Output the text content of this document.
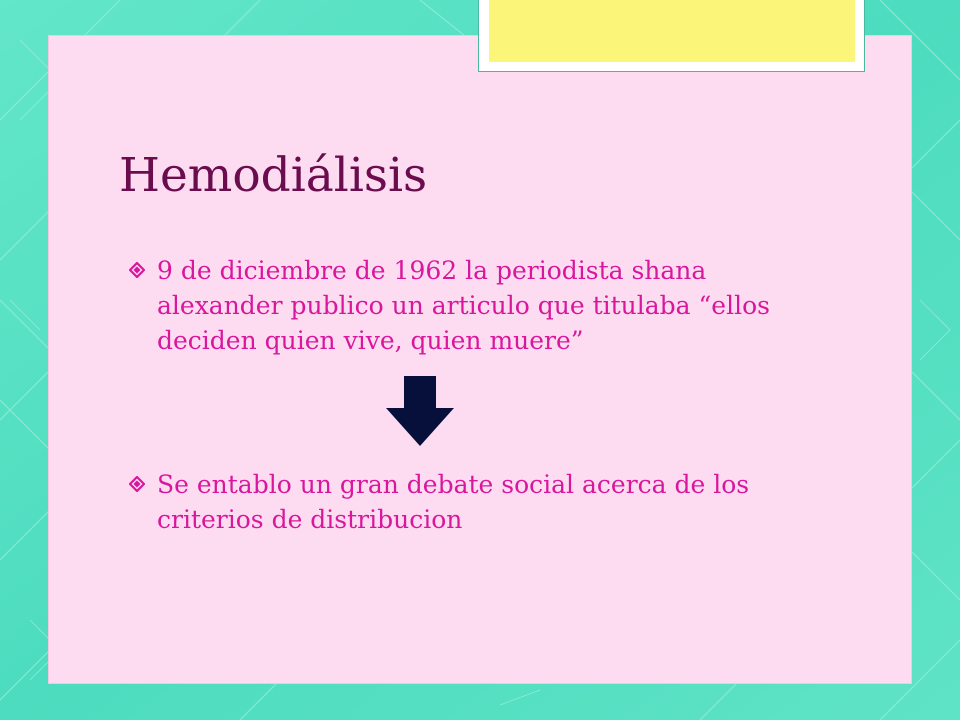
Hemodiálisis

9 de diciembre de 1962 la periodista shana alexander publico un articulo que titulaba “ellos deciden quien vive, quien muere”

Se entablo un gran debate social acerca de los criterios de distribucion
